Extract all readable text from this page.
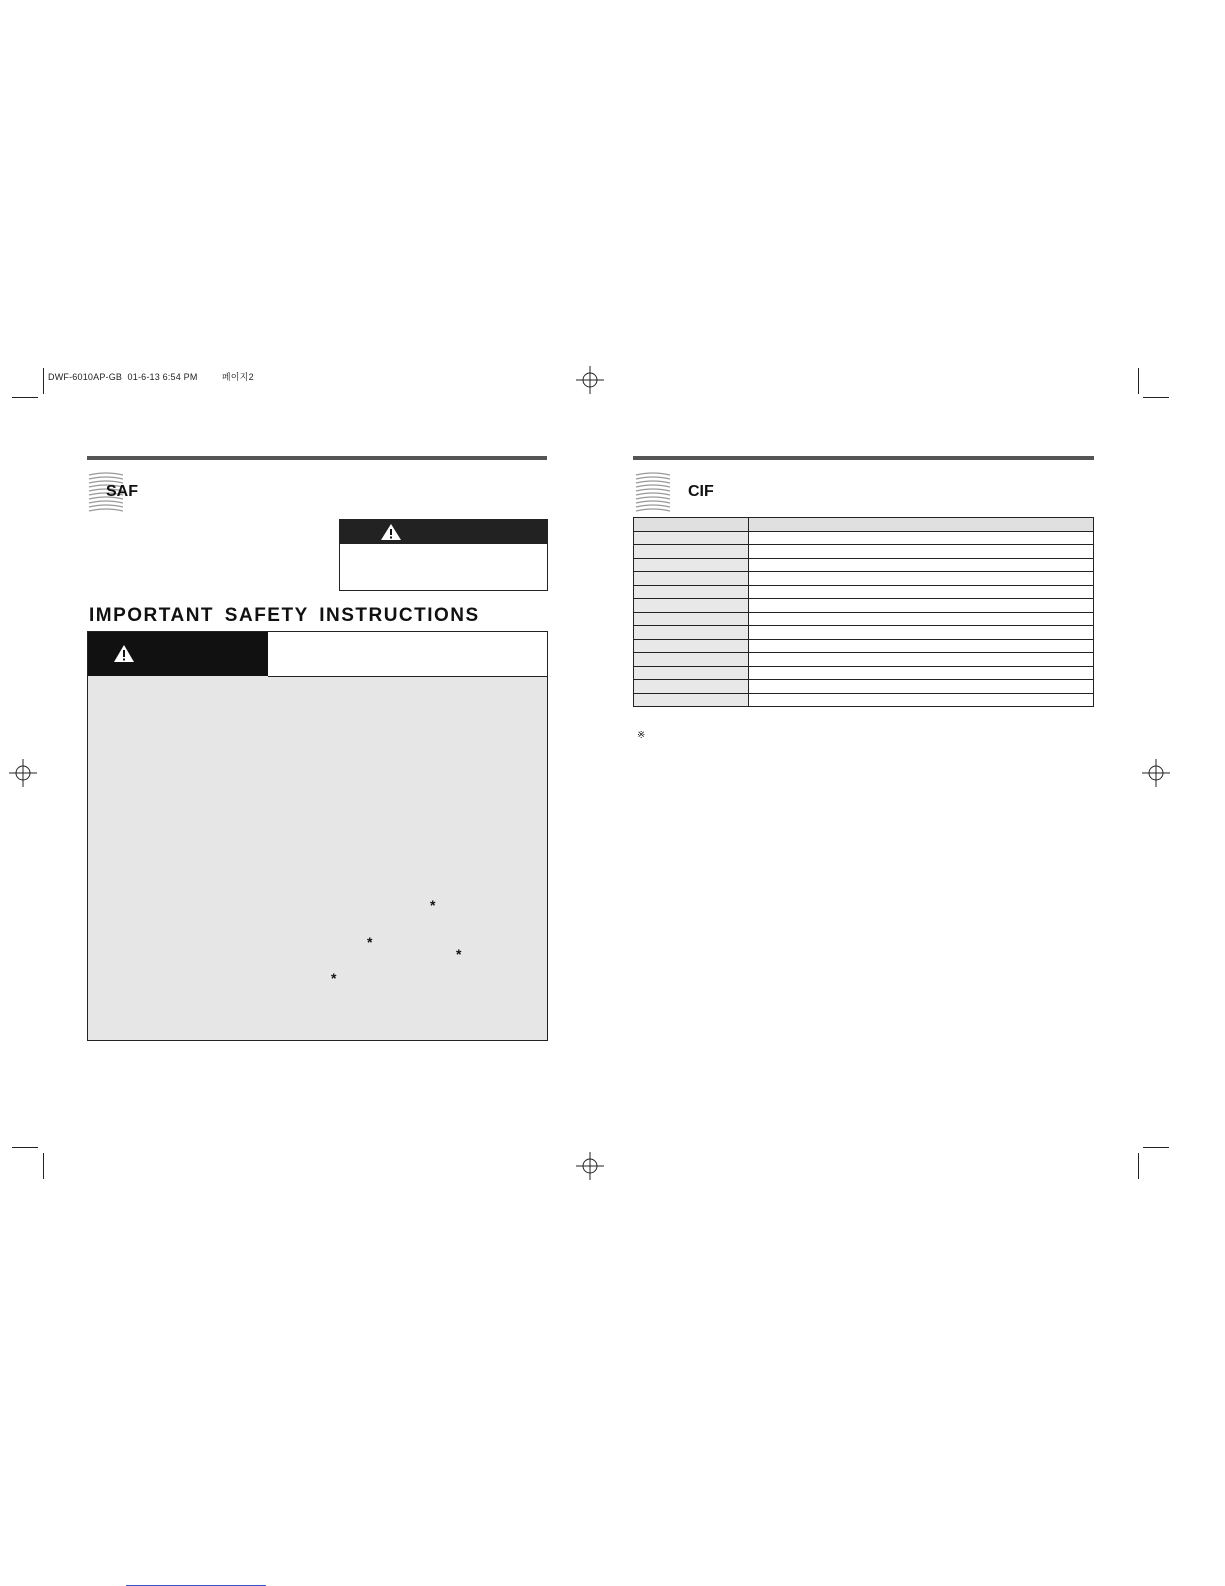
DWF-6010AP-GB 01-6-13 6:54 PM	페이지2
SAF
IMPORTANT SAFETY INSTRUCTIONS
*
*
*
*
CIF

※
